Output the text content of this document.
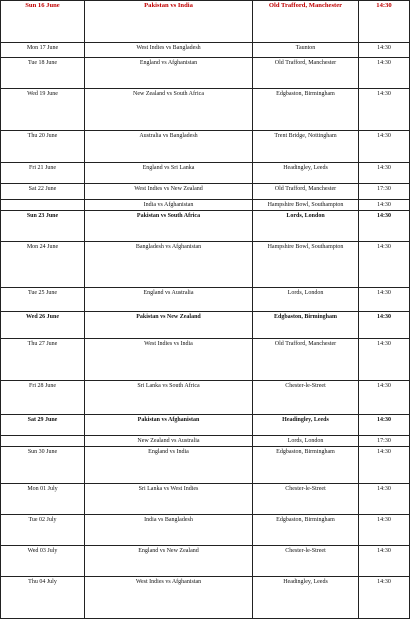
Sun 16 June	Pakistan vs India	Old Trafford, Manchester	14:30
Mon 17 June	West Indies vs Bangladesh	Taunton	14:30
Tue 18 June	England vs Afghanistan	Old Trafford, Manchester	14:30
Wed 19 June	New Zealand vs South Africa	Edgbaston, Birmingham	14:30
Thu 20 June	Australia vs Bangladesh	Trent Bridge, Nottingham	14:30
Fri 21 June	England vs Sri Lanka	Headingley, Leeds	14:30
Sat 22 June	West Indies vs New Zealand	Old Trafford, Manchester	17:30
	India vs Afghanistan	Hampshire Bowl, Southampton	14:30
Sun 23 June	Pakistan vs South Africa	Lords, London	14:30
Mon 24 June	Bangladesh vs Afghanistan	Hampshire Bowl, Southampton	14:30
Tue 25 June	England vs Australia	Lords, London	14:30
Wed 26 June	Pakistan vs New Zealand	Edgbaston, Birmingham	14:30
Thu 27 June	West Indies vs India	Old Trafford, Manchester	14:30
Fri 28 June	Sri Lanka vs South Africa	Chester-le-Street	14:30
Sat 29 June	Pakistan vs Afghanistan	Headingley, Leeds	14:30
	New Zealand vs Australia	Lords, London	17:30
Sun 30 June	England vs India	Edgbaston, Birmingham	14:30
Mon 01 July	Sri Lanka vs West Indies	Chester-le-Street	14:30
Tue 02 July	India vs Bangladesh	Edgbaston, Birmingham	14:30
Wed 03 July	England vs New Zealand	Chester-le-Street	14:30
Thu 04 July	West Indies vs Afghanistan	Headingley, Leeds	14:30
